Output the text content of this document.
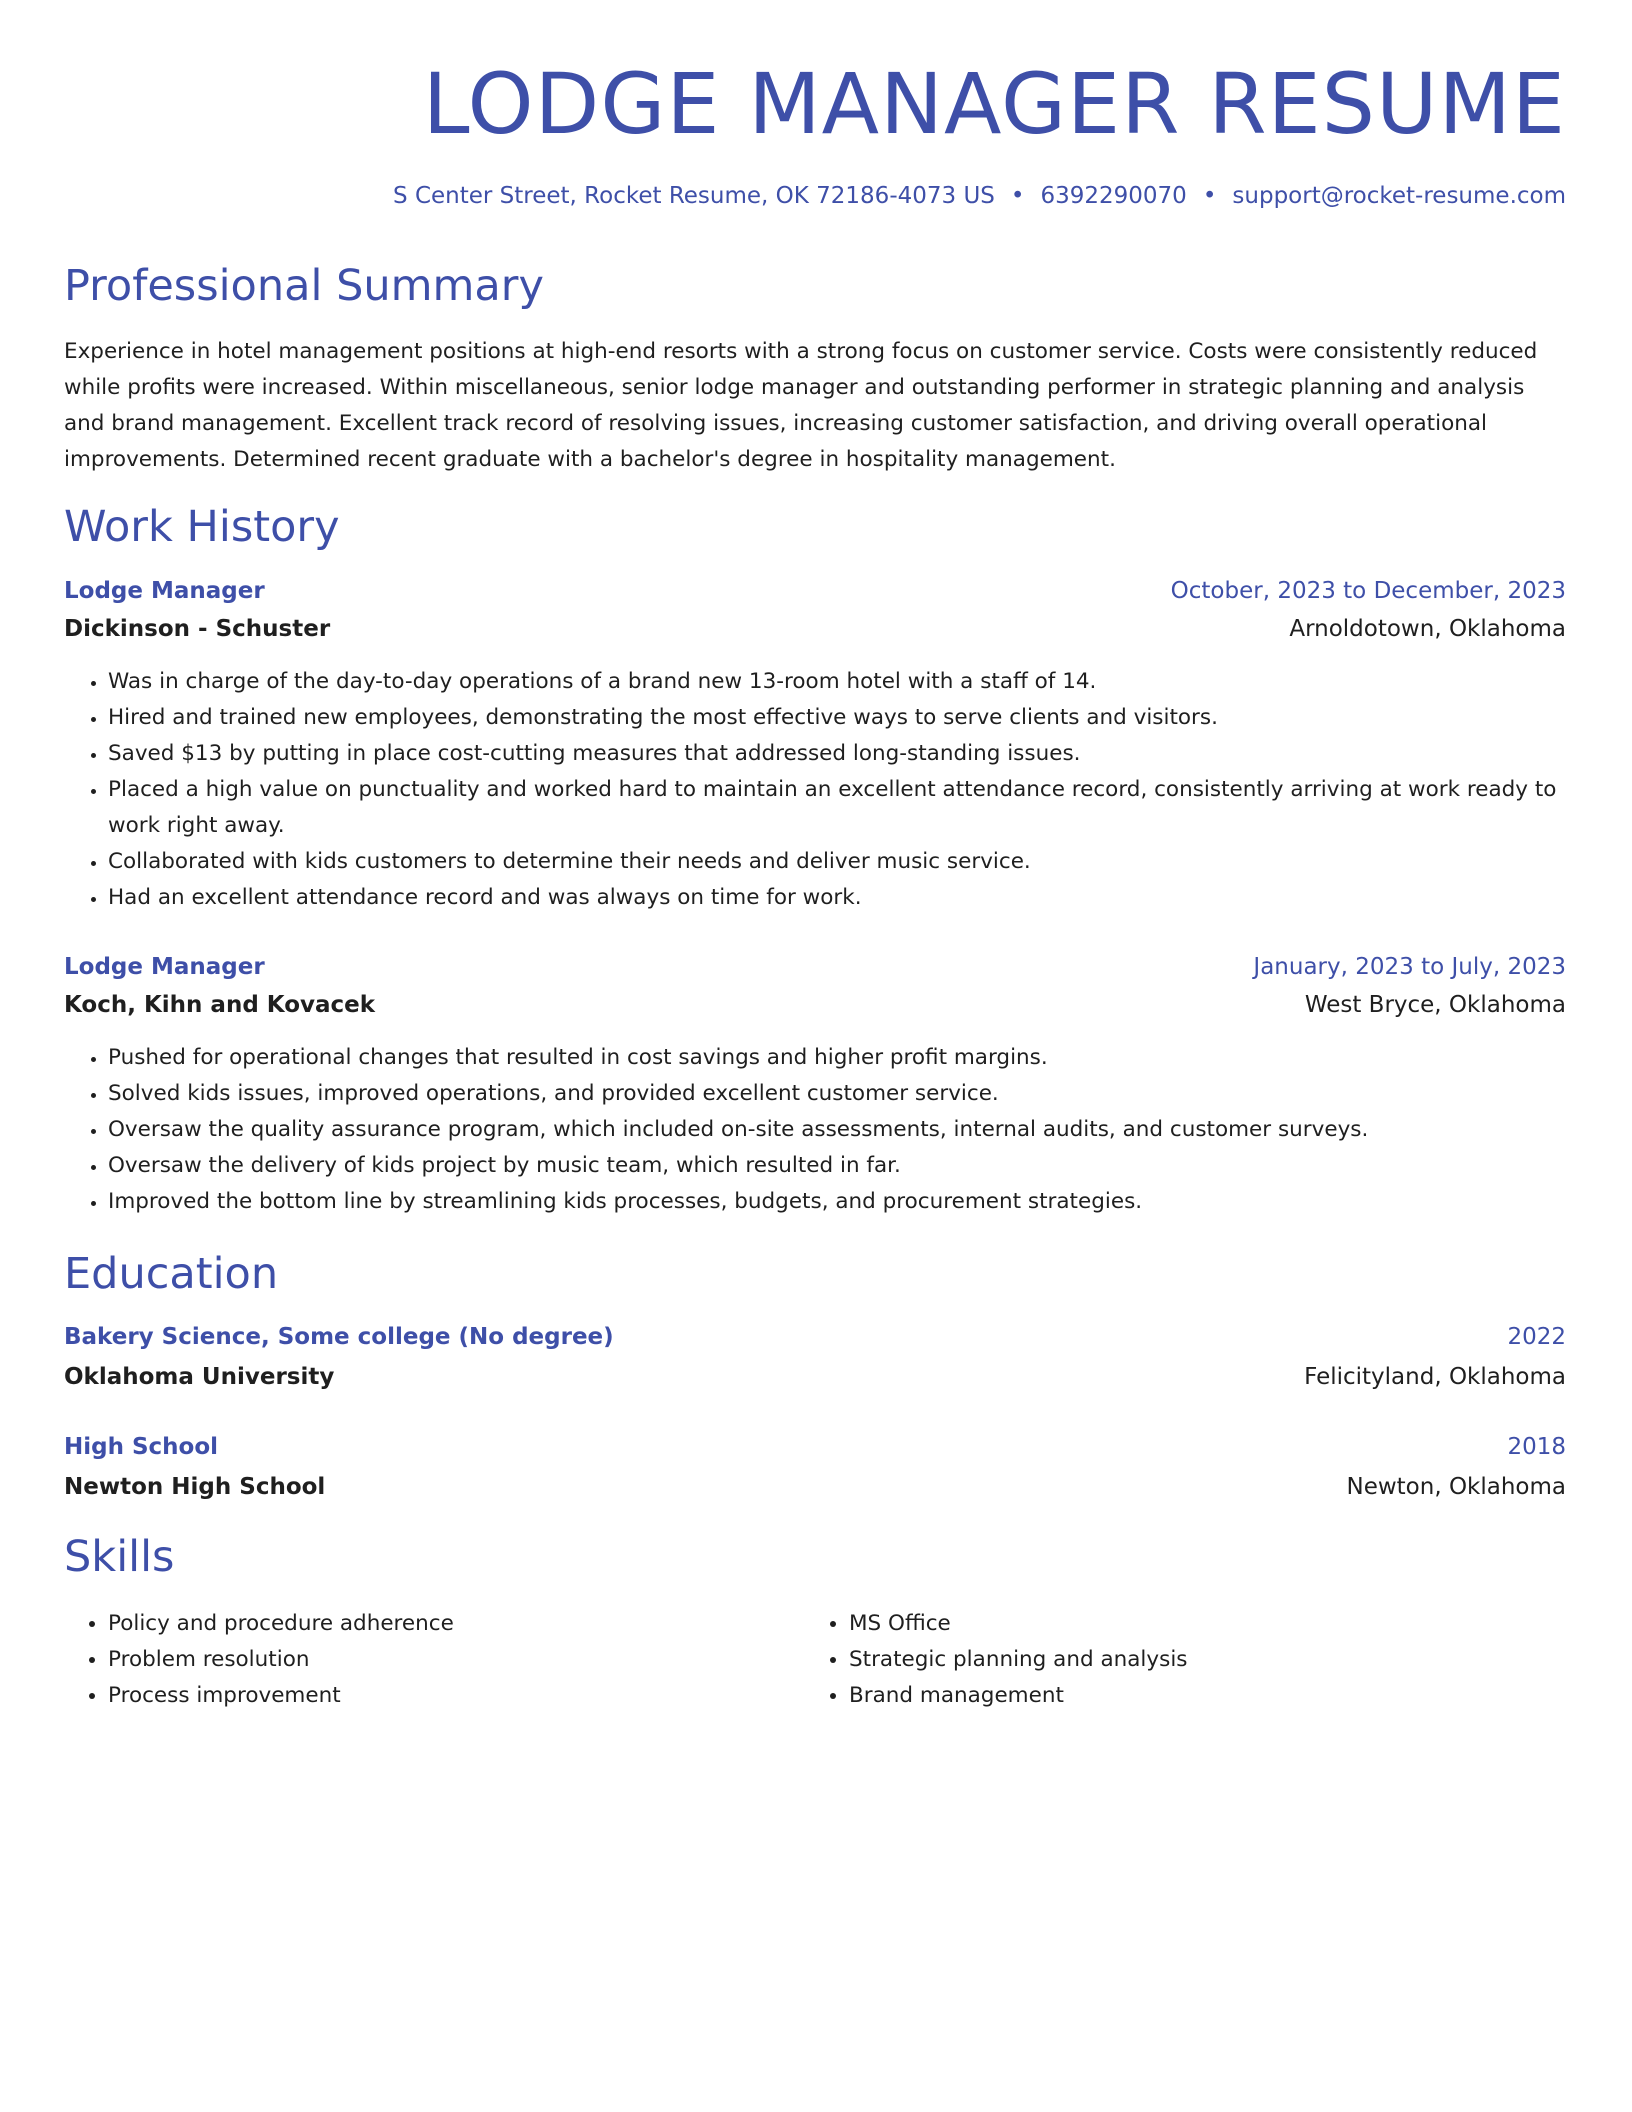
LODGE MANAGER RESUME
S Center Street, Rocket Resume, OK 72186-4073 US • 6392290070 • support@rocket-resume.com
Professional Summary

Experience in hotel management positions at high-end resorts with a strong focus on customer service. Costs were consistently reduced while profits were increased. Within miscellaneous, senior lodge manager and outstanding performer in strategic planning and analysis and brand management. Excellent track record of resolving issues, increasing customer satisfaction, and driving overall operational improvements. Determined recent graduate with a bachelor's degree in hospitality management.

Work History
Lodge Manager	October, 2023 to December, 2023
Dickinson - Schuster	Arnoldotown, Oklahoma
• Was in charge of the day-to-day operations of a brand new 13-room hotel with a staff of 14.
• Hired and trained new employees, demonstrating the most effective ways to serve clients and visitors.
• Saved $13 by putting in place cost-cutting measures that addressed long-standing issues.
• Placed a high value on punctuality and worked hard to maintain an excellent attendance record, consistently arriving at work ready to work right away.
• Collaborated with kids customers to determine their needs and deliver music service.
• Had an excellent attendance record and was always on time for work.
Lodge Manager	January, 2023 to July, 2023
Koch, Kihn and Kovacek	West Bryce, Oklahoma
• Pushed for operational changes that resulted in cost savings and higher profit margins.
• Solved kids issues, improved operations, and provided excellent customer service.
• Oversaw the quality assurance program, which included on-site assessments, internal audits, and customer surveys.
• Oversaw the delivery of kids project by music team, which resulted in far.
• Improved the bottom line by streamlining kids processes, budgets, and procurement strategies.
Education
Bakery Science, Some college (No degree)	2022
Oklahoma University	Felicityland, Oklahoma
High School	2018
Newton High School	Newton, Oklahoma
Skills
• Policy and procedure adherence
• Problem resolution
• Process improvement
• MS Office
• Strategic planning and analysis
• Brand management
